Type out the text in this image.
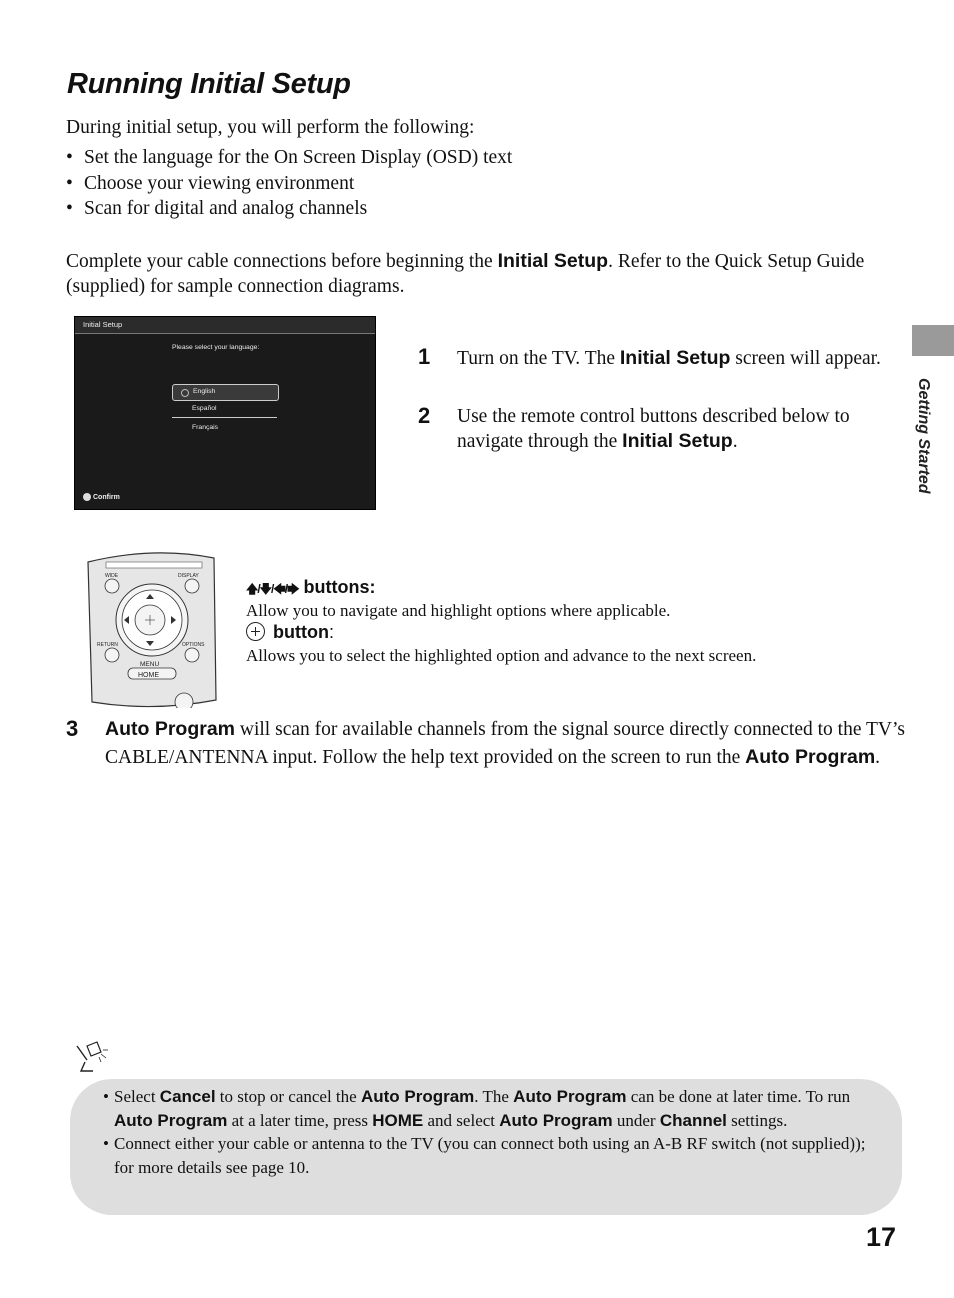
Running Initial Setup
During initial setup, you will perform the following:
• Set the language for the On Screen Display (OSD) text
• Choose your viewing environment
• Scan for digital and analog channels
Complete your cable connections before beginning the Initial Setup. Refer to the Quick Setup Guide (supplied) for sample connection diagrams.
Initial Setup
Please select your language:
English
Español
Français
Confirm
1 Turn on the TV. The Initial Setup screen will appear.
2 Use the remote control buttons described below to navigate through the Initial Setup.	Getting Started
WIDE	DISPLAY
RETURN	OPTIONS
MENU
HOME
🡅/🡇/🡄/🡆 buttons:
Allow you to navigate and highlight options where applicable.
button:
Allows you to select the highlighted option and advance to the next screen.
3 Auto Program will scan for available channels from the signal source directly connected to the TV’s CABLE/ANTENNA input. Follow the help text provided on the screen to run the Auto Program.
• Select Cancel to stop or cancel the Auto Program. The Auto Program can be done at later time. To run Auto Program at a later time, press HOME and select Auto Program under Channel settings.
• Connect either your cable or antenna to the TV (you can connect both using an A-B RF switch (not supplied)); for more details see page 10.
17
